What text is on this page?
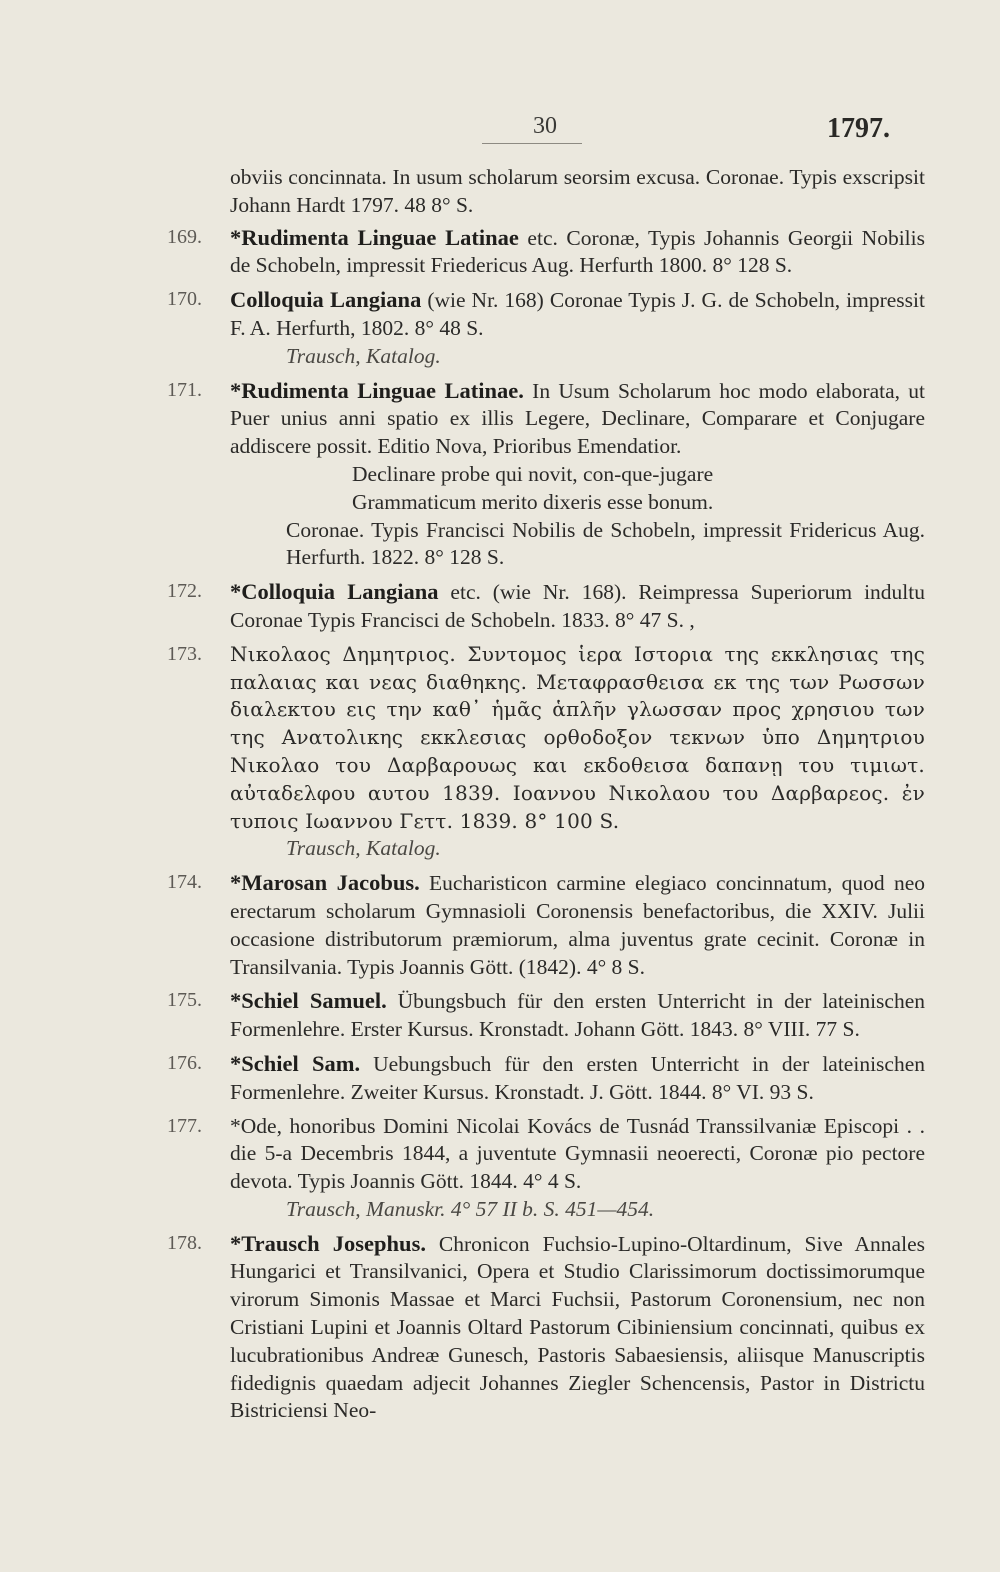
30	1797.
obviis concinnata. In usum scholarum seorsim excusa. Coronae. Typis exscripsit Johann Hardt 1797. 48 8° S.
169.	*Rudimenta Linguae Latinae etc. Coronæ, Typis Johannis Georgii Nobilis de Schobeln, impressit Friedericus Aug. Herfurth 1800. 8° 128 S.
170.	Colloquia Langiana (wie Nr. 168) Coronae Typis J. G. de Schobeln, impressit F. A. Herfurth, 1802. 8° 48 S.
Trausch, Katalog.
171.	*Rudimenta Linguae Latinae. In Usum Scholarum hoc modo elaborata, ut Puer unius anni spatio ex illis Legere, Declinare, Comparare et Conjugare addiscere possit. Editio Nova, Prioribus Emendatior.
Declinare probe qui novit, con-que-jugare
Grammaticum merito dixeris esse bonum.
Coronae. Typis Francisci Nobilis de Schobeln, impressit Fridericus Aug. Herfurth. 1822. 8° 128 S.
172.	*Colloquia Langiana etc. (wie Nr. 168). Reimpressa Superiorum indultu Coronae Typis Francisci de Schobeln. 1833. 8° 47 S. ,
173.	Νικολαος Δημητριος. Συντομος ἱερα Ιστορια της εκκλησιας της παλαιας και νεας διαθηκης. Μεταφρασθεισα εκ της των Ρωσσων διαλεκτου εις την καθ᾽ ἡμᾶς ἁπλῆν γλωσσαν προς χρησιου των της Ανατολικης εκκλεσιας ορθοδοξον τεκνων ὑπο Δημητριου Νικολαο του Δαρβαρουως και εκδοθεισα δαπανῃ του τιμιωτ. αὐταδελφου αυτου 1839. Ιοαννου Νικολαου του Δαρβαρεος. ἐν τυποις Ιωαννου Γεττ. 1839. 8° 100 S.
Trausch, Katalog.
174.	*Marosan Jacobus. Eucharisticon carmine elegiaco concinnatum, quod neo erectarum scholarum Gymnasioli Coronensis benefactoribus, die XXIV. Julii occasione distributorum præmiorum, alma juventus grate cecinit. Coronæ in Transilvania. Typis Joannis Gött. (1842). 4° 8 S.
175.	*Schiel Samuel. Übungsbuch für den ersten Unterricht in der lateinischen Formenlehre. Erster Kursus. Kronstadt. Johann Gött. 1843. 8° VIII. 77 S.
176.	*Schiel Sam. Uebungsbuch für den ersten Unterricht in der lateinischen Formenlehre. Zweiter Kursus. Kronstadt. J. Gött. 1844. 8° VI. 93 S.
177.	*Ode, honoribus Domini Nicolai Kovács de Tusnád Transsilvaniæ Episcopi . . die 5-a Decembris 1844, a juventute Gymnasii neoerecti, Coronæ pio pectore devota. Typis Joannis Gött. 1844. 4° 4 S.
Trausch, Manuskr. 4° 57 II b. S. 451—454.
178.	*Trausch Josephus. Chronicon Fuchsio-Lupino-Oltardinum, Sive Annales Hungarici et Transilvanici, Opera et Studio Clarissimorum doctissimorumque virorum Simonis Massae et Marci Fuchsii, Pastorum Coronensium, nec non Cristiani Lupini et Joannis Oltard Pastorum Cibiniensium concinnati, quibus ex lucubrationibus Andreæ Gunesch, Pastoris Sabaesiensis, aliisque Manuscriptis fidedignis quaedam adjecit Johannes Ziegler Schencensis, Pastor in Districtu Bistriciensi Neo-
